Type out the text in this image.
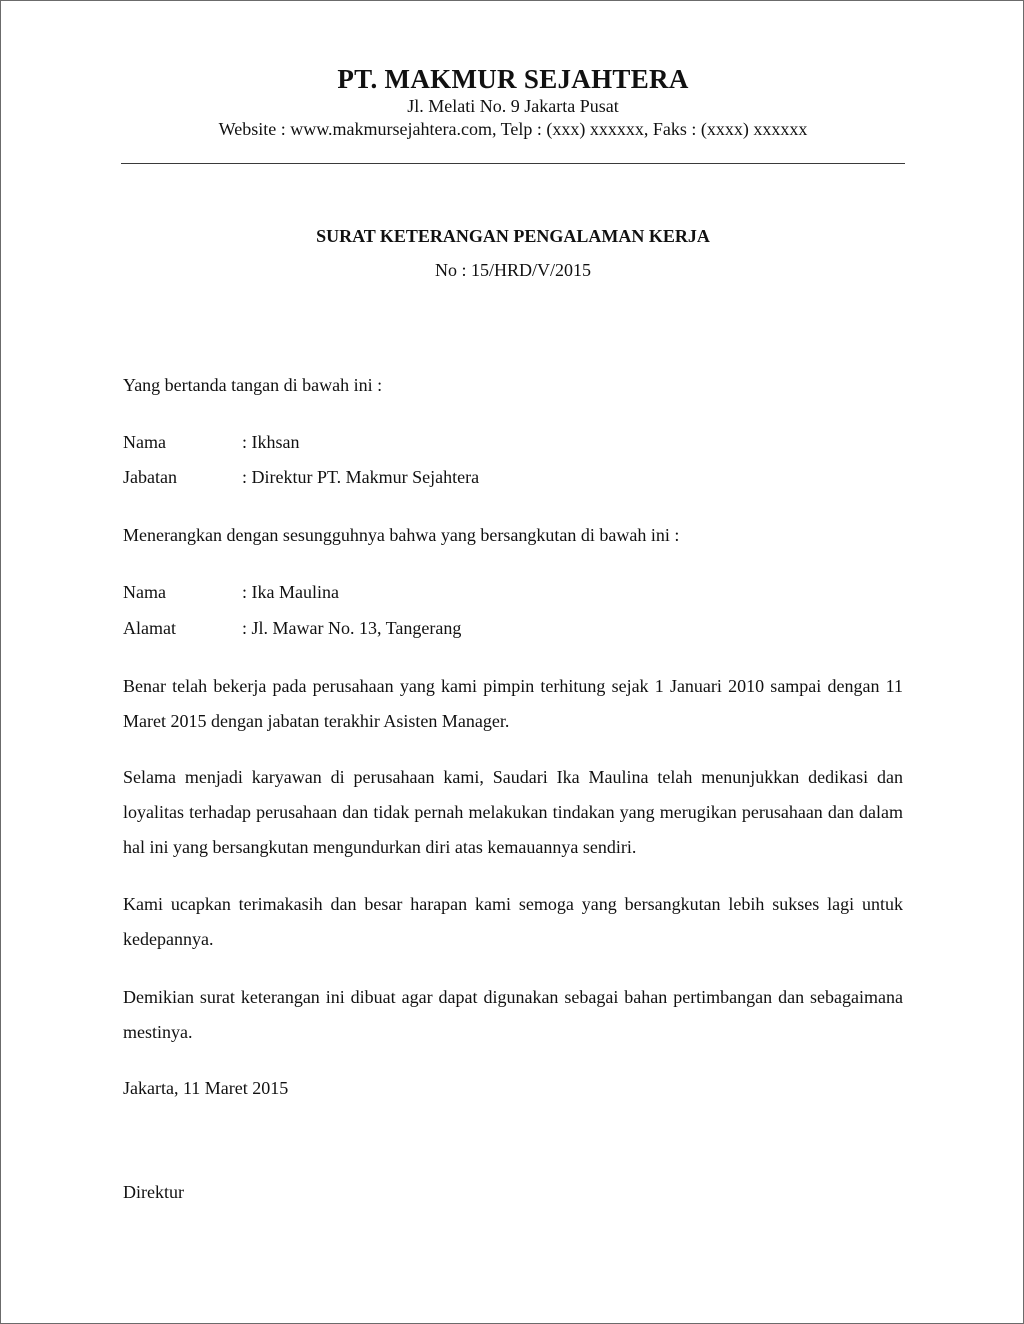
PT. MAKMUR SEJAHTERA
Jl. Melati No. 9 Jakarta Pusat
Website : www.makmursejahtera.com, Telp : (xxx) xxxxxx, Faks : (xxxx) xxxxxx
SURAT KETERANGAN PENGALAMAN KERJA
No : 15/HRD/V/2015
Yang bertanda tangan di bawah ini :
Nama	: Ikhsan
Jabatan	: Direktur PT. Makmur Sejahtera
Menerangkan dengan sesungguhnya bahwa yang bersangkutan di bawah ini :
Nama	: Ika Maulina
Alamat	: Jl. Mawar No. 13, Tangerang
Benar telah bekerja pada perusahaan yang kami pimpin terhitung sejak 1 Januari 2010 sampai dengan 11 Maret 2015 dengan jabatan terakhir Asisten Manager.
Selama menjadi karyawan di perusahaan kami, Saudari Ika Maulina telah menunjukkan dedikasi dan loyalitas terhadap perusahaan dan tidak pernah melakukan tindakan yang merugikan perusahaan dan dalam hal ini yang bersangkutan mengundurkan diri atas kemauannya sendiri.
Kami ucapkan terimakasih dan besar harapan kami semoga yang bersangkutan lebih sukses lagi untuk kedepannya.
Demikian surat keterangan ini dibuat agar dapat digunakan sebagai bahan pertimbangan dan sebagaimana mestinya.
Jakarta, 11 Maret 2015
Direktur
